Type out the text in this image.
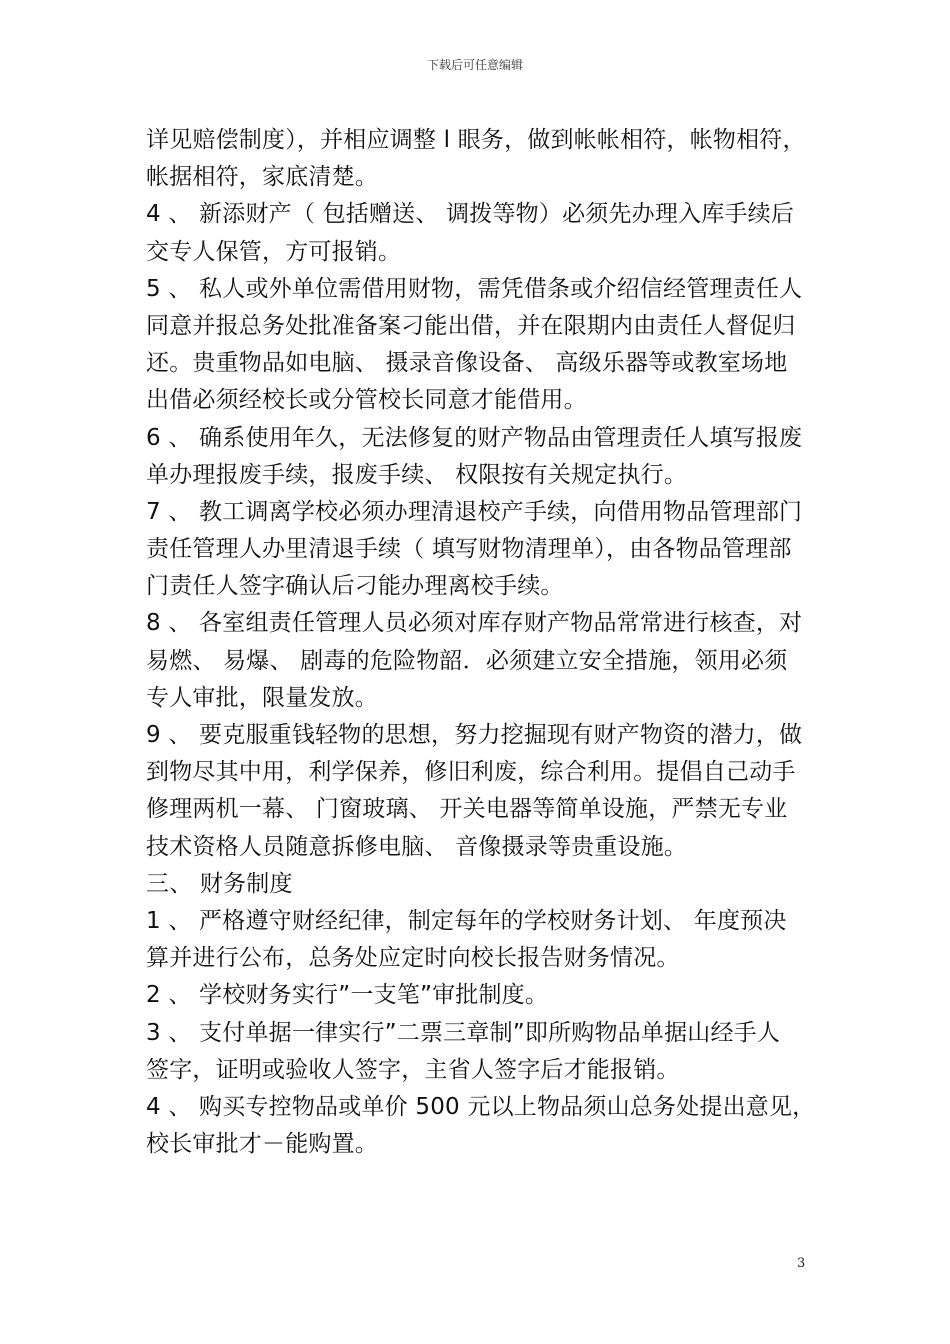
下载后可任意编辑
详见赔偿制度），并相应调整 l 眼务，做到帐帐相符，帐物相符，
帐据相符，家底清楚。
4 、 新添财产（ 包括赠送、 调拨等物）必须先办理入库手续后
交专人保管，方可报销。
5 、 私人或外单位需借用财物，需凭借条或介绍信经管理责任人
同意并报总务处批准备案刁能出借，并在限期内由责任人督促归
还。贵重物品如电脑、 摄录音像设备、 高级乐器等或教室场地
出借必须经校长或分管校长同意才能借用。
6 、 确系使用年久，无法修复的财产物品由管理责任人填写报废
单办理报废手续，报废手续、 权限按有关规定执行。
7 、 教工调离学校必须办理清退校产手续，向借用物品管理部门
责任管理人办里清退手续（ 填写财物清理单），由各物品管理部
门责任人签字确认后刁能办理离校手续。
8 、 各室组责任管理人员必须对库存财产物品常常进行核查，对
易燃、 易爆、 剧毒的危险物韶．必须建立安全措施，领用必须
专人审批，限量发放。
9 、 要克服重钱轻物的思想，努力挖掘现有财产物资的潜力，做
到物尽其中用，利学保养，修旧利废，综合利用。提倡自己动手
修理两机一幕、 门窗玻璃、 开关电器等简单设施，严禁无专业
技术资格人员随意拆修电脑、 音像摄录等贵重设施。
三、 财务制度
1 、 严格遵守财经纪律，制定每年的学校财务计划、 年度预决
算并进行公布，总务处应定时向校长报告财务情况。
2 、 学校财务实行”一支笔”审批制度。
3 、 支付单据一律实行”二票三章制”即所购物品单据山经手人
签字，证明或验收人签字，主省人签字后才能报销。
4 、 购买专控物品或单价 500 元以上物品须山总务处提出意见，
校长审批才－能购置。
3
